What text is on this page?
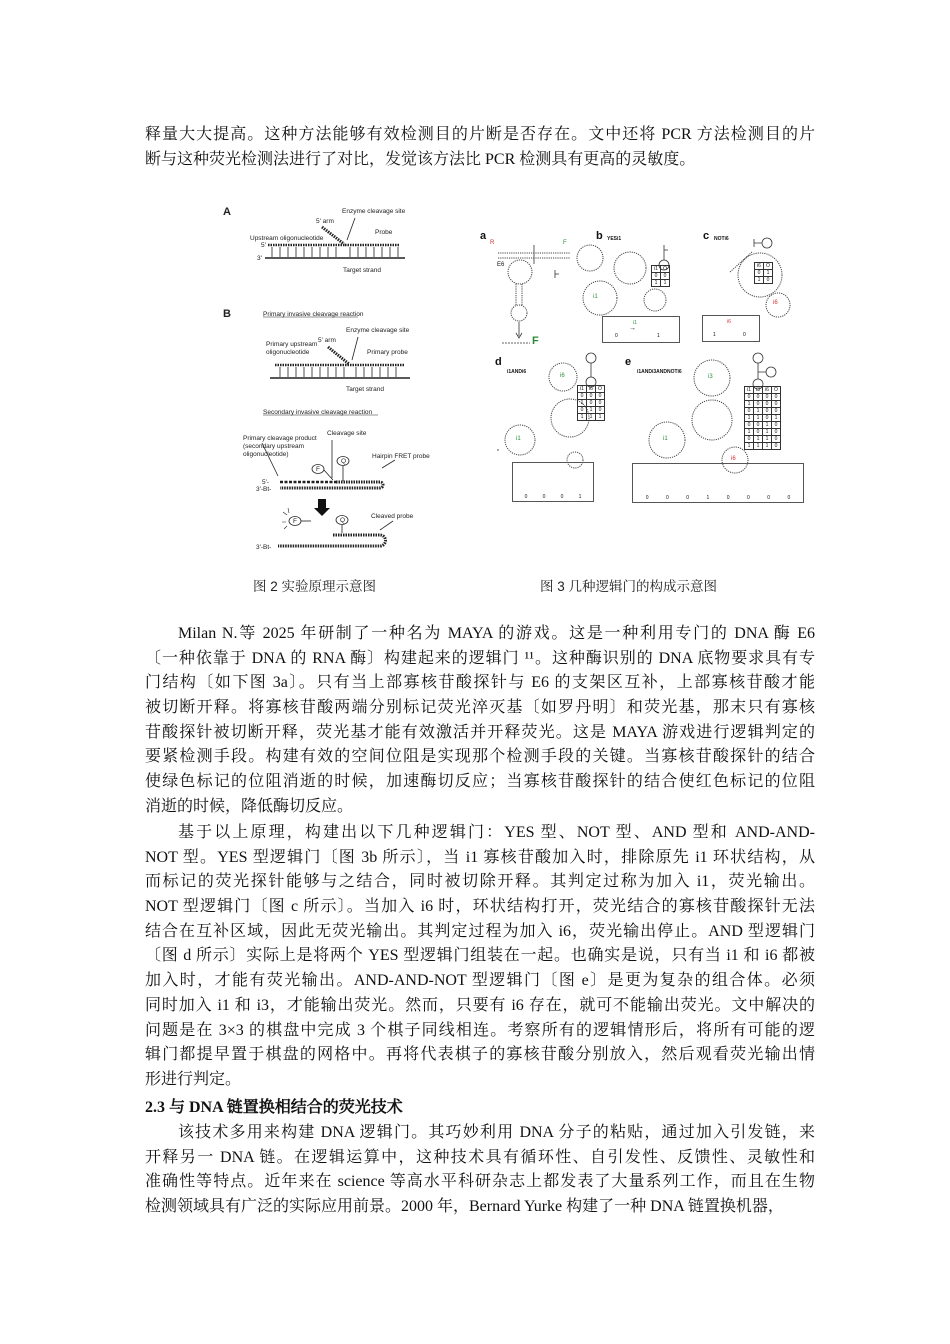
释量大大提高。这种方法能够有效检测目的片断是否存在。文中还将 PCR 方法检测目的片
断与这种荧光检测法进行了对比，发觉该方法比 PCR 检测具有更高的灵敏度。
Milan N.等 2025 年研制了一种名为 MAYA 的游戏。这是一种利用专门的 DNA 酶 E6
〔一种依靠于 DNA 的 RNA 酶〕构建起来的逻辑门 ¹¹。这种酶识别的 DNA 底物要求具有专
门结构〔如下图 3a〕。只有当上部寡核苷酸探针与 E6 的支架区互补，上部寡核苷酸才能
被切断开释。将寡核苷酸两端分别标记荧光淬灭基〔如罗丹明〕和荧光基，那末只有寡核
苷酸探针被切断开释，荧光基才能有效激活并开释荧光。这是 MAYA 游戏进行逻辑判定的
要紧检测手段。构建有效的空间位阻是实现那个检测手段的关键。当寡核苷酸探针的结合
使绿色标记的位阻消逝的时候，加速酶切反应；当寡核苷酸探针的结合使红色标记的位阻
消逝的时候，降低酶切反应。
基于以上原理，构建出以下几种逻辑门：YES 型、NOT 型、AND 型和 AND-AND-
NOT 型。YES 型逻辑门〔图 3b 所示〕，当 i1 寡核苷酸加入时，排除原先 i1 环状结构，从
而标记的荧光探针能够与之结合，同时被切除开释。其判定过称为加入 i1，荧光输出。
NOT 型逻辑门〔图 c 所示〕。当加入 i6 时，环状结构打开，荧光结合的寡核苷酸探针无法
结合在互补区域，因此无荧光输出。其判定过程为加入 i6，荧光输出停止。AND 型逻辑门
〔图 d 所示〕实际上是将两个 YES 型逻辑门组装在一起。也确实是说，只有当 i1 和 i6 都被
加入时，才能有荧光输出。AND-AND-NOT 型逻辑门〔图 e〕是更为复杂的组合体。必须
同时加入 i1 和 i3，才能输出荧光。然而，只要有 i6 存在，就可不能输出荧光。文中解决的
问题是在 3×3 的棋盘中完成 3 个棋子同线相连。考察所有的逻辑情形后，将所有可能的逻
辑门都提早置于棋盘的网格中。再将代表棋子的寡核苷酸分别放入，然后观看荧光输出情
形进行判定。
2.3 与 DNA 链置换相结合的荧光技术
该技术多用来构建 DNA 逻辑门。其巧妙利用 DNA 分子的粘贴，通过加入引发链，来
开释另一 DNA 链。在逻辑运算中，这种技术具有循环性、自引发性、反馈性、灵敏性和
准确性等特点。近年来在 science 等高水平科研杂志上都发表了大量系列工作，而且在生物
检测领域具有广泛的实际应用前景。2000 年，Bernard Yurke 构建了一种 DNA 链置换机器，
A	Enzyme cleavage site
5' arm
Upstream oligonucleotide
Probe
Target strand
5'
3'
B	Primary invasive cleavage reaction
Enzyme cleavage site
5' arm
Primary upstream
oligonucleotide	Primary probe
Target strand
Secondary invasive cleavage reaction
Primary cleavage product
(secondary upstream
oligonucleotide)
Cleavage site
Hairpin FRET probe
F
Q
5'-
3'-Bt-
F	Q
Cleaved probe
3'-Bt-
a
R	F
E6
F
b YESi1
i1
i1	O
0	0
1	1
0
i1
→
1
c NOTi6
i6
i6	O
0	1
1	0
1
i6
0
d
i1ANDi6
i6
i1
i1	i6	O
0	0	0
1	0	0
0	1	0
1	1	1
0	0	0	1
e
i1ANDi3ANDNOTi6
i3
i1
i6
i1	i3	i6	O
0	0	0	0
1	0	0	0
0	1	0	0
1	1	0	1
0	0	1	0
1	0	1	0
0	1	1	0
1	1	1	0
0	0	0	1	0	0	0	0
图 2 实验原理示意图	图 3 几种逻辑门的构成示意图
